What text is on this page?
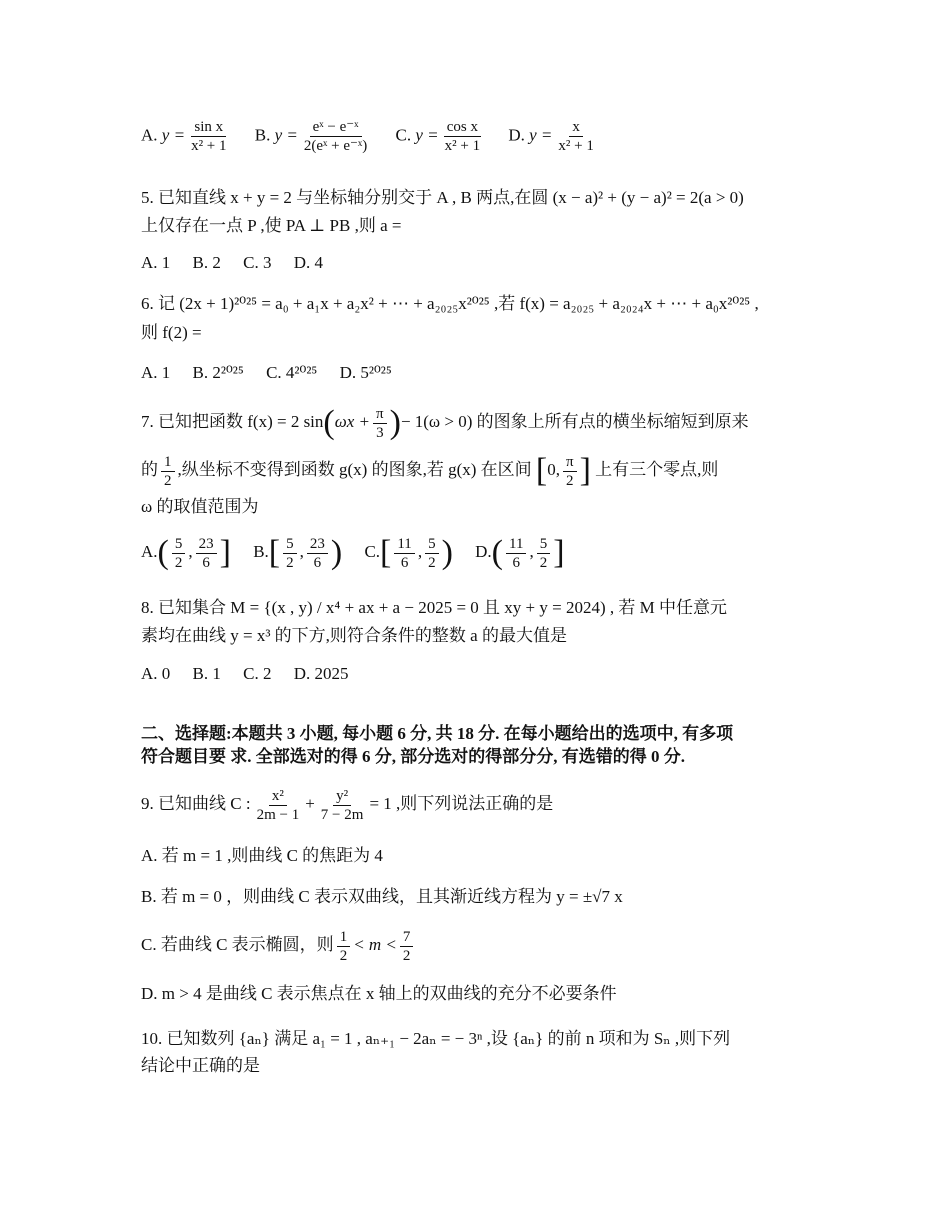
A. $y = \frac{\text{sin x}}{\text{x² + 1}} B$. $y = \frac{\text{eˣ − e⁻ˣ}}{\text{2(eˣ + e⁻ˣ)}} C$. $y = \frac{\text{cos x}}{\text{x² + 1}} D$. $y = \frac{x}{\text{x² + 1}}$
5. 已知直线 x + y = 2 与坐标轴分别交于 A , B 两点,在圆 (x − a)² + (y − a)² = 2(a > 0)
上仅存在一点 P ,使 PA ⊥ PB ,则 a =
A. 1 B. 2 C. 3 D. 4
6. 记 (2x + 1)²⁰²⁵ = a₀ + a₁x + a₂x² + ⋯ + a₂₀₂₅x²⁰²⁵ ,若 f(x) = a₂₀₂₅ + a₂₀₂₄x + ⋯ + a₀x²⁰²⁵ ,
则 f(2) =
A. 1 B. 2²⁰²⁵ C. 4²⁰²⁵ D. 5²⁰²⁵
7. 已知把函数 f(x) = 2 $\sin(\omega x + \frac{\pi}{3}$ )− 1(ω > 0) 的图象上所有点的横坐标缩短到原来
的 $\frac{1}{2}$ ,纵坐标不变得到函数 g(x) 的图象,若 g(x) 在区间 [0, $\frac{\pi}{2}$ ] 上有三个零点,则
ω 的取值范围为
$A.( \frac{5}{2}$ , $\frac{23}{6}$ ] $B.[ \frac{5}{2}$ , $\frac{23}{6}$ ) $C.[ \frac{11}{6}$ , $\frac{5}{2}$ ) $D.( \frac{11}{6}$ , $\frac{5}{2}$ ]
8. 已知集合 M = {(x , y) / x⁴ + ax + a − 2025 = 0 且 xy + y = 2024) , 若 M 中任意元
素均在曲线 y = x³ 的下方,则符合条件的整数 a 的最大值是
A. 0 B. 1 C. 2 D. 2025
二、选择题:本题共 3 小题, 每小题 6 分, 共 18 分. 在每小题给出的选项中, 有多项
符合题目要 求. 全部选对的得 6 分, 部分选对的得部分分, 有选错的得 0 分.
9. 已知曲线 C : $\frac{\text{x²}}{2m - 1} + \frac{\text{y²}}{7 - 2m} = 1$ ,则下列说法正确的是
A. 若 m = 1 ,则曲线 C 的焦距为 4
B. 若 m = 0 ，则曲线 C 表示双曲线，且其渐近线方程为 y = ±√7 x
C. 若曲线 C 表示椭圆，则 $\frac{1}{2} < m < \frac{7}{2}$
D. m > 4 是曲线 C 表示焦点在 x 轴上的双曲线的充分不必要条件
10. 已知数列 {aₙ} 满足 a₁ = 1 , aₙ₊₁ − 2aₙ = − 3ⁿ ,设 {aₙ} 的前 n 项和为 Sₙ ,则下列
结论中正确的是
